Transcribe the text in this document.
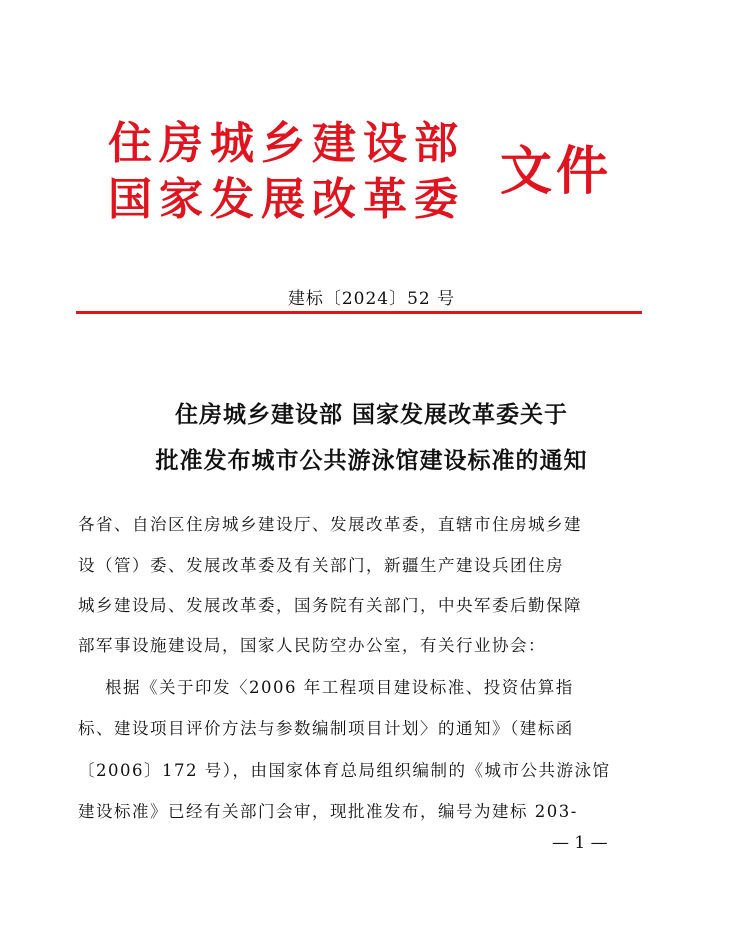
住房城乡建设部
国家发展改革委 文件
建标〔2024〕52 号
住房城乡建设部 国家发展改革委关于
批准发布城市公共游泳馆建设标准的通知
各省、自治区住房城乡建设厅、发展改革委，直辖市住房城乡建
设（管）委、发展改革委及有关部门，新疆生产建设兵团住房
城乡建设局、发展改革委，国务院有关部门，中央军委后勤保障
部军事设施建设局，国家人民防空办公室，有关行业协会：
根据《关于印发〈2006 年工程项目建设标准、投资估算指
标、建设项目评价方法与参数编制项目计划〉的通知》（建标函
〔2006〕172 号），由国家体育总局组织编制的《城市公共游泳馆
建设标准》已经有关部门会审，现批准发布，编号为建标 203-
— 1 —
